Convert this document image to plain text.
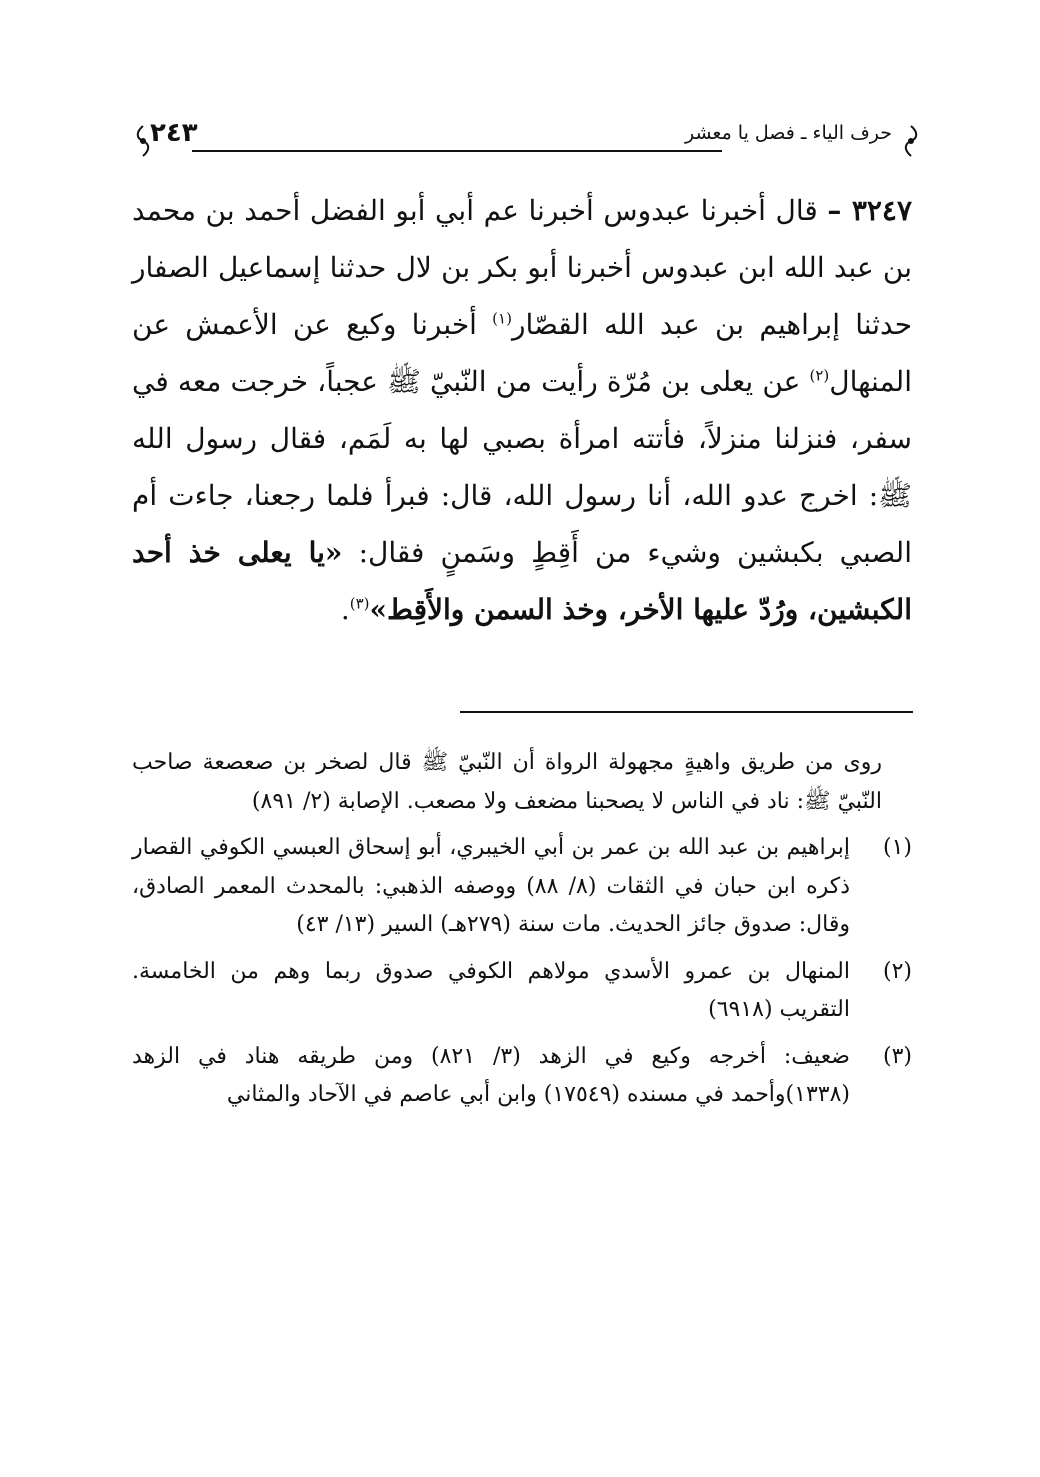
٢٤٣	حرف الياء ـ فصل يا معشر

٣٢٤٧ – قال أخبرنا عبدوس أخبرنا عم أبي أبو الفضل أحمد بن محمد بن عبد الله ابن عبدوس أخبرنا أبو بكر بن لال حدثنا إسماعيل الصفار حدثنا إبراهيم بن عبد الله القصّار$^{(١)}$ أخبرنا وكيع عن الأعمش عن المنهال$^{(٢)}$ عن يعلى بن مُرّة رأيت من النّبيّ ﷺ عجباً، خرجت معه في سفر، فنزلنا منزلاً، فأتته امرأة بصبي لها به لَمَم، فقال رسول الله ﷺ: اخرج عدو الله، أنا رسول الله، قال: فبرأ فلما رجعنا، جاءت أم الصبي بكبشين وشيء من أَقِطٍ وسَمنٍ فقال: «يا يعلى خذ أحد الكبشين، ورُدّ عليها الأخر، وخذ السمن والأَقِط»$^{(٣)}$.

روى من طريق واهيةٍ مجهولة الرواة أن النّبيّ ﷺ قال لصخر بن صعصعة صاحب النّبيّ ﷺ: ناد في الناس لا يصحبنا مضعف ولا مصعب. الإصابة (٢/ ٨٩١)

(١)
إبراهيم بن عبد الله بن عمر بن أبي الخيبري، أبو إسحاق العبسي الكوفي القصار ذكره ابن حبان في الثقات (٨/ ٨٨) ووصفه الذهبي: بالمحدث المعمر الصادق، وقال: صدوق جائز الحديث. مات سنة (٢٧٩هـ) السير (١٣/ ٤٣)
(٢)
المنهال بن عمرو الأسدي مولاهم الكوفي صدوق ربما وهم من الخامسة. التقريب (٦٩١٨)
(٣)
ضعيف: أخرجه وكيع في الزهد (٣/ ٨٢١) ومن طريقه هناد في الزهد (١٣٣٨)وأحمد في مسنده (١٧٥٤٩) وابن أبي عاصم في الآحاد والمثاني
